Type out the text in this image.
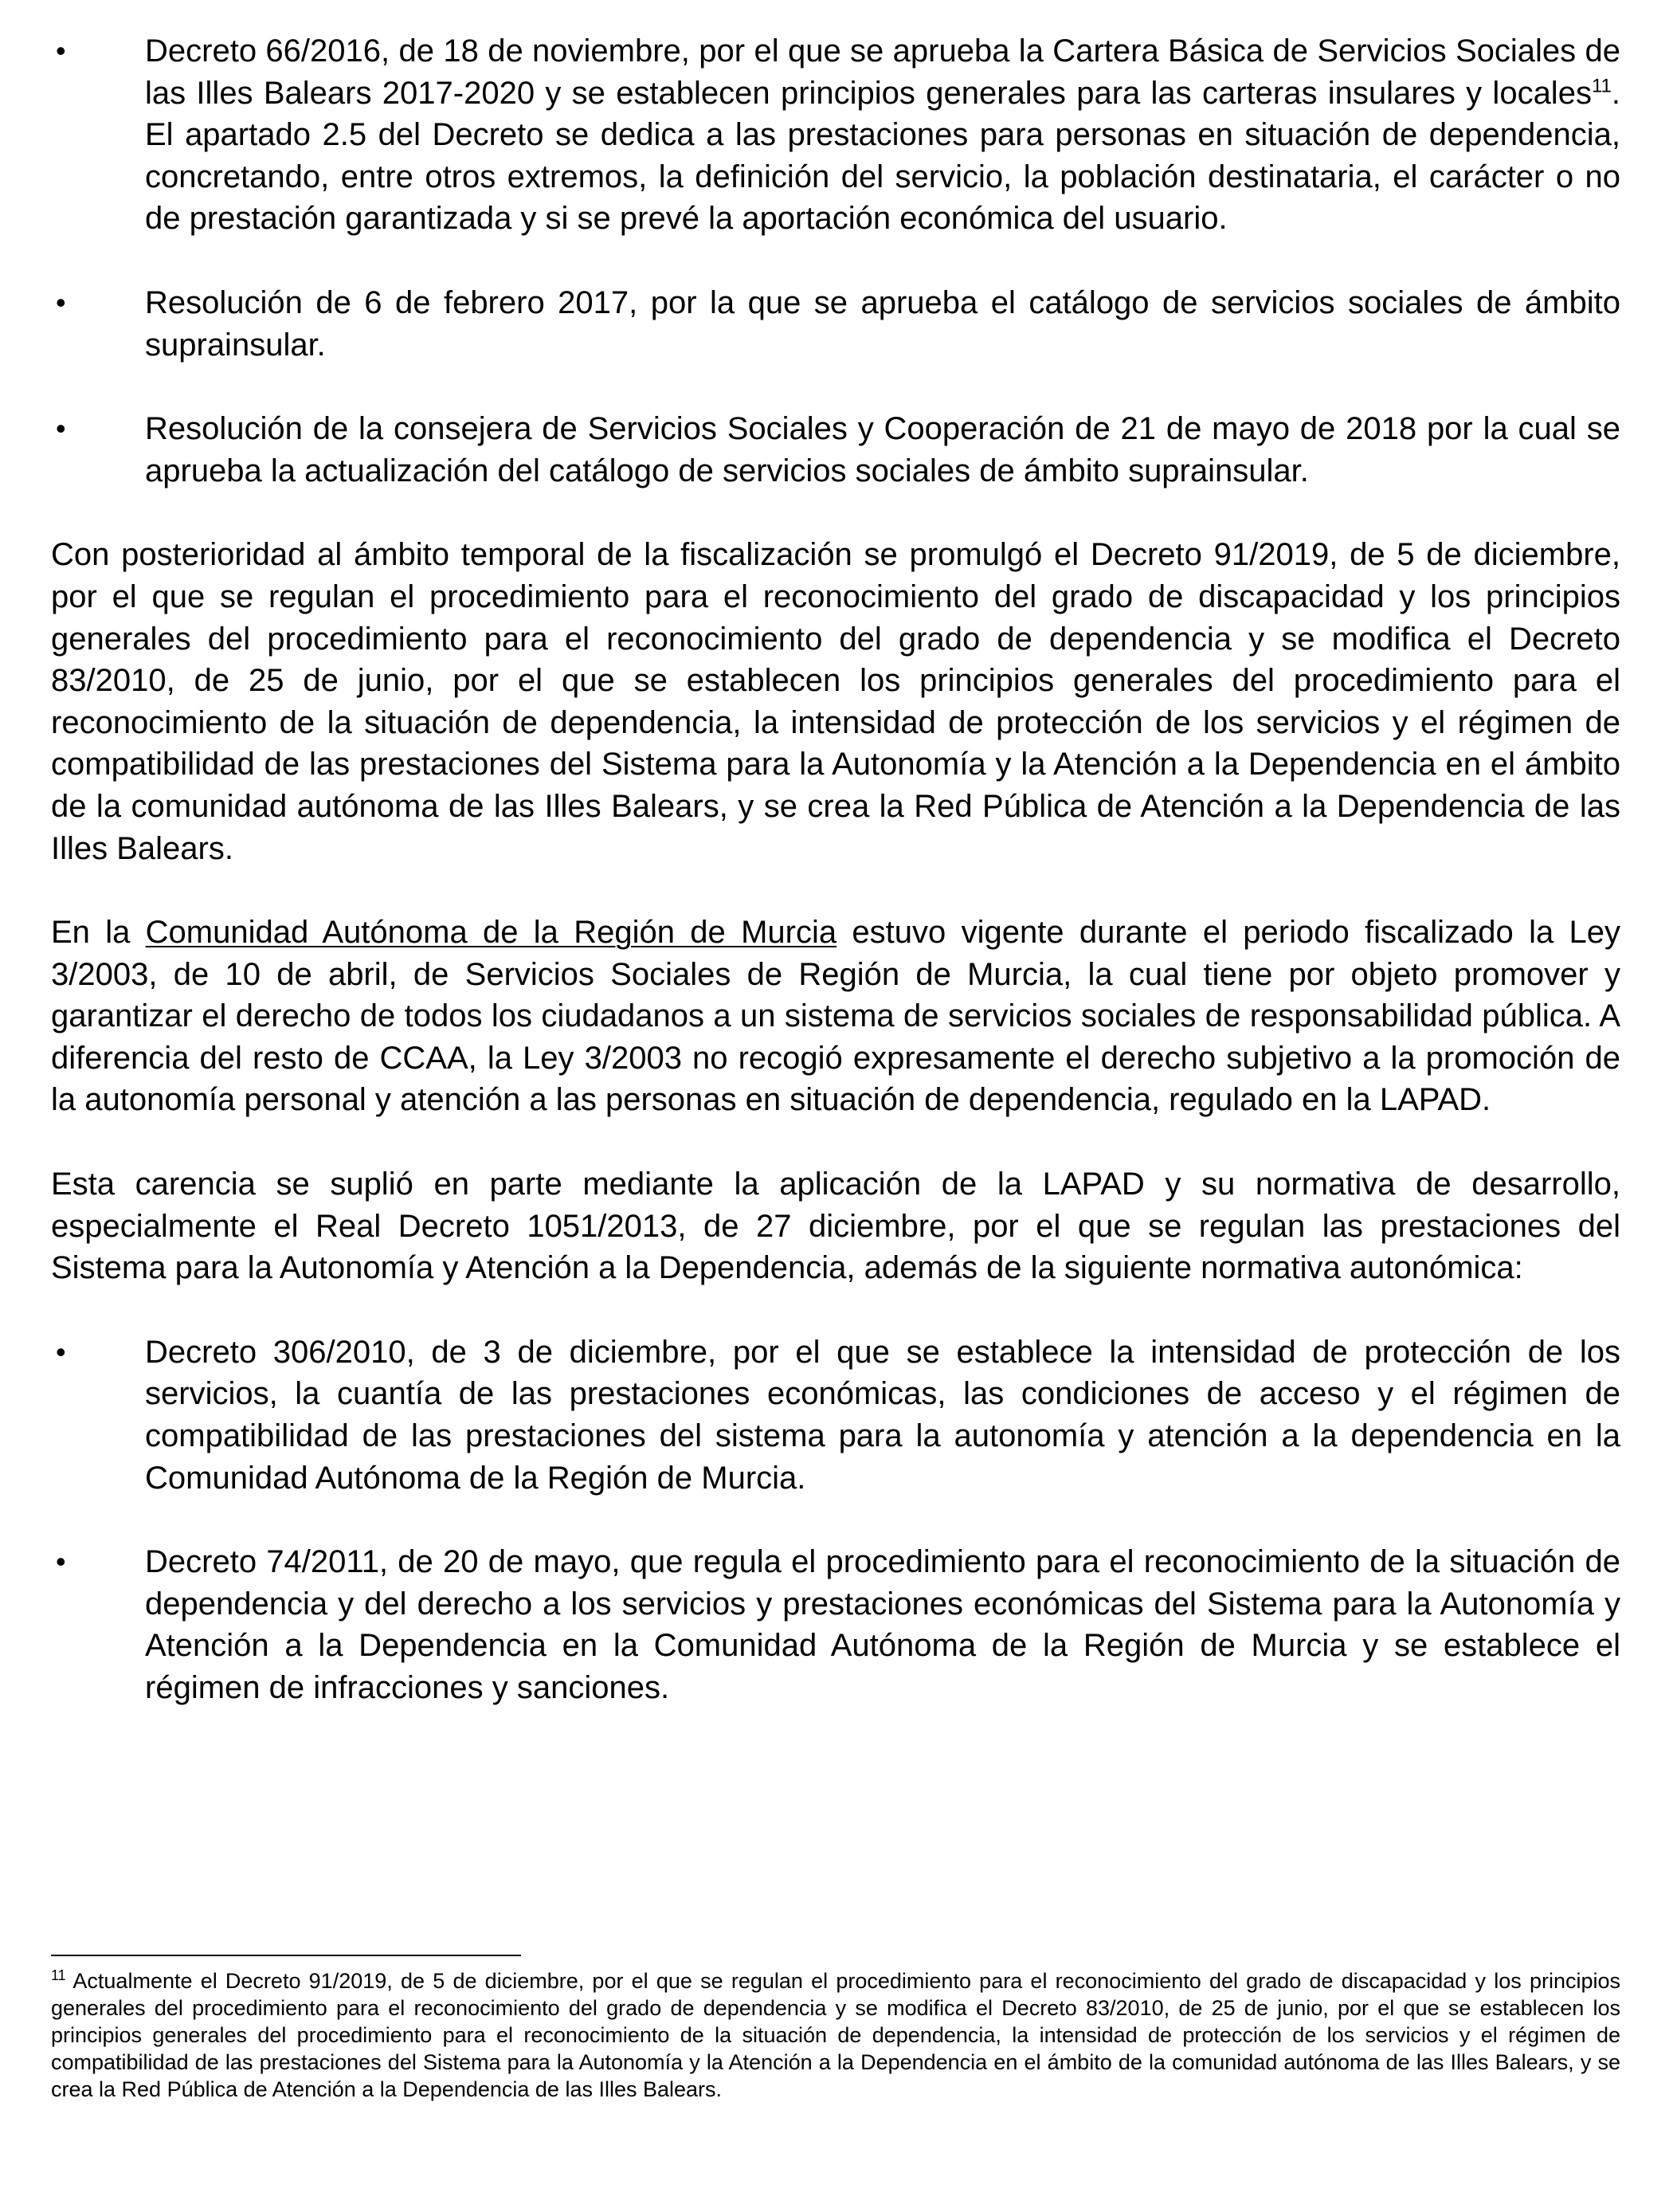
• Decreto 66/2016, de 18 de noviembre, por el que se aprueba la Cartera Básica de Servicios Sociales de las Illes Balears 2017-2020 y se establecen principios generales para las carteras insulares y locales$^{11}$. El apartado 2.5 del Decreto se dedica a las prestaciones para personas en situación de dependencia, concretando, entre otros extremos, la definición del servicio, la población destinataria, el carácter o no de prestación garantizada y si se prevé la aportación económica del usuario.
• Resolución de 6 de febrero 2017, por la que se aprueba el catálogo de servicios sociales de ámbito suprainsular.
• Resolución de la consejera de Servicios Sociales y Cooperación de 21 de mayo de 2018 por la cual se aprueba la actualización del catálogo de servicios sociales de ámbito suprainsular.

Con posterioridad al ámbito temporal de la fiscalización se promulgó el Decreto 91/2019, de 5 de diciembre, por el que se regulan el procedimiento para el reconocimiento del grado de discapacidad y los principios generales del procedimiento para el reconocimiento del grado de dependencia y se modifica el Decreto 83/2010, de 25 de junio, por el que se establecen los principios generales del procedimiento para el reconocimiento de la situación de dependencia, la intensidad de protección de los servicios y el régimen de compatibilidad de las prestaciones del Sistema para la Autonomía y la Atención a la Dependencia en el ámbito de la comunidad autónoma de las Illes Balears, y se crea la Red Pública de Atención a la Dependencia de las Illes Balears.

En la Comunidad Autónoma de la Región de Murcia estuvo vigente durante el periodo fiscalizado la Ley 3/2003, de 10 de abril, de Servicios Sociales de Región de Murcia, la cual tiene por objeto promover y garantizar el derecho de todos los ciudadanos a un sistema de servicios sociales de responsabilidad pública. A diferencia del resto de CCAA, la Ley 3/2003 no recogió expresamente el derecho subjetivo a la promoción de la autonomía personal y atención a las personas en situación de dependencia, regulado en la LAPAD.

Esta carencia se suplió en parte mediante la aplicación de la LAPAD y su normativa de desarrollo, especialmente el Real Decreto 1051/2013, de 27 diciembre, por el que se regulan las prestaciones del Sistema para la Autonomía y Atención a la Dependencia, además de la siguiente normativa autonómica:

• Decreto 306/2010, de 3 de diciembre, por el que se establece la intensidad de protección de los servicios, la cuantía de las prestaciones económicas, las condiciones de acceso y el régimen de compatibilidad de las prestaciones del sistema para la autonomía y atención a la dependencia en la Comunidad Autónoma de la Región de Murcia.
• Decreto 74/2011, de 20 de mayo, que regula el procedimiento para el reconocimiento de la situación de dependencia y del derecho a los servicios y prestaciones económicas del Sistema para la Autonomía y Atención a la Dependencia en la Comunidad Autónoma de la Región de Murcia y se establece el régimen de infracciones y sanciones.
$^{11}$ Actualmente el Decreto 91/2019, de 5 de diciembre, por el que se regulan el procedimiento para el reconocimiento del grado de discapacidad y los principios generales del procedimiento para el reconocimiento del grado de dependencia y se modifica el Decreto 83/2010, de 25 de junio, por el que se establecen los principios generales del procedimiento para el reconocimiento de la situación de dependencia, la intensidad de protección de los servicios y el régimen de compatibilidad de las prestaciones del Sistema para la Autonomía y la Atención a la Dependencia en el ámbito de la comunidad autónoma de las Illes Balears, y se crea la Red Pública de Atención a la Dependencia de las Illes Balears.
